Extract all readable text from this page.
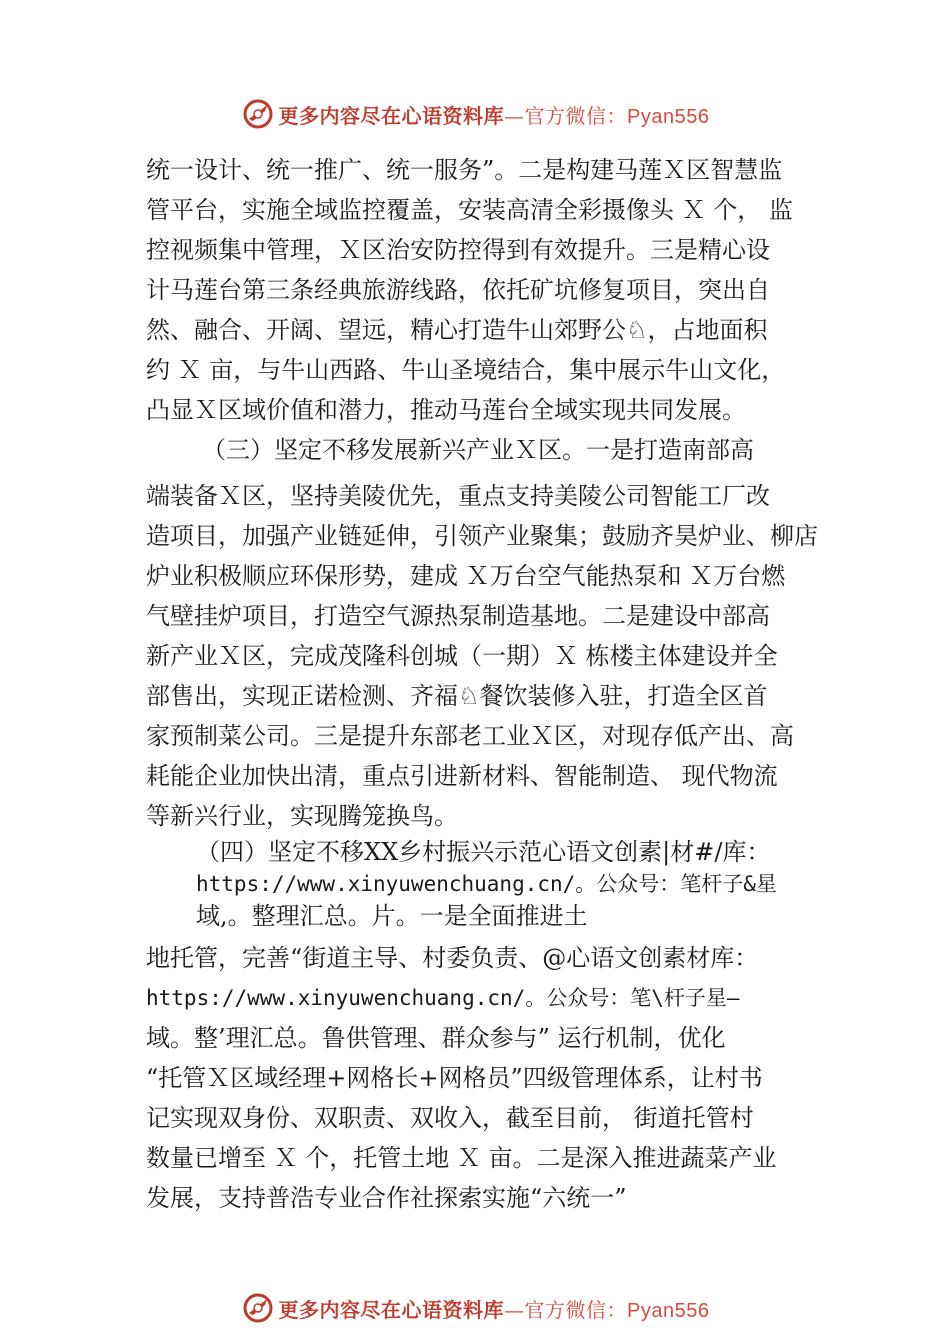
更多内容尽在心语资料库—官方微信：Pyan556
统一设计、统一推广、统一服务”。二是构建马莲Ｘ区智慧监
管平台，实施全域监控覆盖，安装高清全彩摄像头 Ｘ 个， 监
控视频集中管理，Ｘ区治安防控得到有效提升。三是精心设
计马莲台第三条经典旅游线路，依托矿坑修复项目，突出自
然、融合、开阔、望远，精心打造牛山郊野公♘，占地面积
约 Ｘ 亩，与牛山西路、牛山圣境结合，集中展示牛山文化，
凸显Ｘ区域价值和潜力，推动马莲台全域实现共同发展。
（三）坚定不移发展新兴产业Ｘ区。一是打造南部高
端装备Ｘ区，坚持美陵优先，重点支持美陵公司智能工厂改
造项目，加强产业链延伸，引领产业聚集；鼓励齐昊炉业、柳店
炉业积极顺应环保形势，建成 Ｘ万台空气能热泵和 Ｘ万台燃
气壁挂炉项目，打造空气源热泵制造基地。二是建设中部高
新产业Ｘ区，完成茂隆科创城（一期）Ｘ 栋楼主体建设并全
部售出，实现正诺检测、齐福♘餐饮装修入驻，打造全区首
家预制菜公司。三是提升东部老工业Ｘ区，对现存低产出、高
耗能企业加快出清，重点引进新材料、智能制造、 现代物流
等新兴行业，实现腾笼换鸟。
（四）坚定不移XX乡村振兴示范心语文创素|材#/库：
https://www.xinyuwenchuang.cn/。公众号：笔杆子&星
域,。整理汇总。片。一是全面推进土
地托管，完善“街道主导、村委负责、@心语文创素材库：
https://www.xinyuwenchuang.cn/。公众号：笔\杆子星—
域。整’理汇总。鲁供管理、群众参与” 运行机制，优化
“托管Ｘ区域经理+网格长+网格员”四级管理体系，让村书
记实现双身份、双职责、双收入，截至目前， 街道托管村
数量已增至 Ｘ 个，托管土地 Ｘ 亩。二是深入推进蔬菜产业
发展，支持普浩专业合作社探索实施“六统一”
更多内容尽在心语资料库—官方微信：Pyan556
